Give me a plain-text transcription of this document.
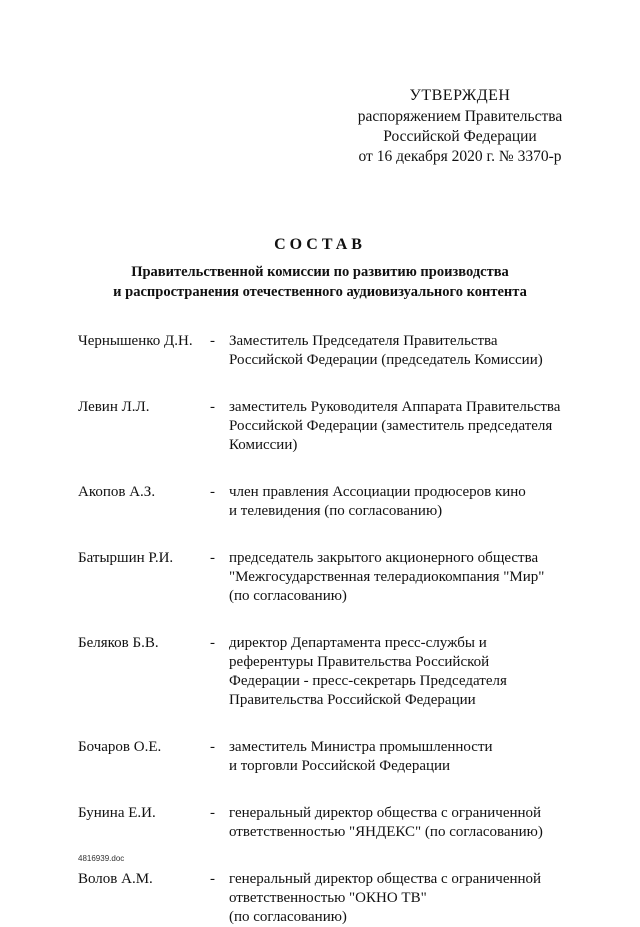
УТВЕРЖДЕН
распоряжением Правительства
Российской Федерации
от 16 декабря 2020 г. № 3370-р
СОСТАВ
Правительственной комиссии по развитию производства
и распространения отечественного аудиовизуального контента
Чернышенко Д.Н.	- Заместитель Председателя Правительства
Российской Федерации (председатель Комиссии)
Левин Л.Л.	- заместитель Руководителя Аппарата Правительства
Российской Федерации (заместитель председателя
Комиссии)
Акопов А.З.	- член правления Ассоциации продюсеров кино
и телевидения (по согласованию)
Батыршин Р.И.	- председатель закрытого акционерного общества
"Межгосударственная телерадиокомпания "Мир"
(по согласованию)
Беляков Б.В.	- директор Департамента пресс-службы и
референтуры Правительства Российской
Федерации - пресс-секретарь Председателя
Правительства Российской Федерации
Бочаров О.Е.	- заместитель Министра промышленности
и торговли Российской Федерации
Бунина Е.И.	- генеральный директор общества с ограниченной
ответственностью "ЯНДЕКС" (по согласованию)
Волов А.М.	- генеральный директор общества с ограниченной
ответственностью "ОКНО ТВ"
(по согласованию)
4816939.doc
